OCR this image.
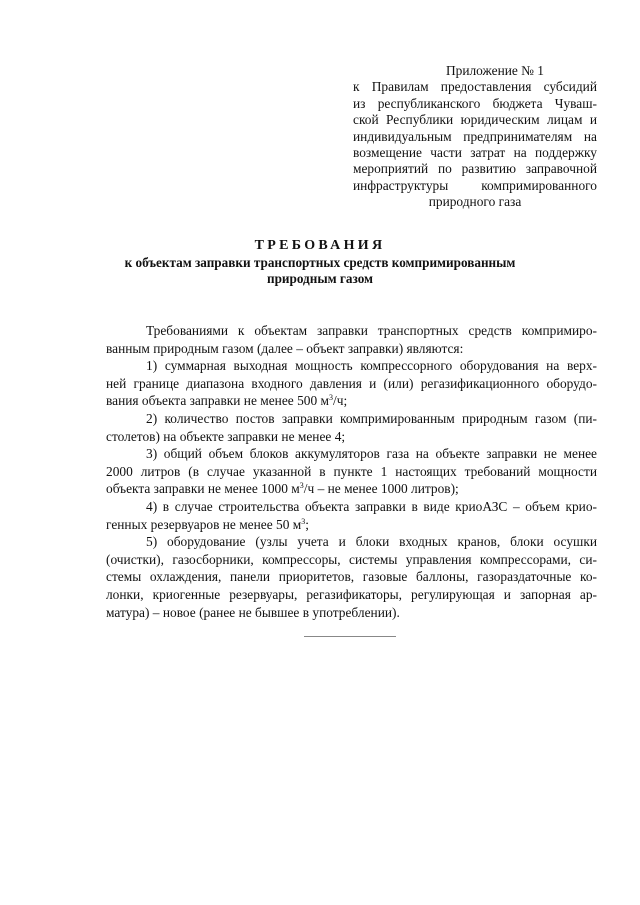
Приложение № 1
к Правилам предоставления субсидий
из республиканского бюджета Чуваш-
ской Республики юридическим лицам и
индивидуальным предпринимателям на
возмещение части затрат на поддержку
мероприятий по развитию заправочной
инфраструктуры компримированного
природного газа
ТРЕБОВАНИЯ
к объектам заправки транспортных средств компримированным
природным газом
Требованиями к объектам заправки транспортных средств компримиро-
ванным природным газом (далее – объект заправки) являются:
1) суммарная выходная мощность компрессорного оборудования на верх-
ней границе диапазона входного давления и (или) регазификационного оборудо-
вания объекта заправки не менее 500 $м^3/ч$;
2) количество постов заправки компримированным природным газом (пи-
столетов) на объекте заправки не менее 4;
3) общий объем блоков аккумуляторов газа на объекте заправки не менее
2000 литров (в случае указанной в пункте 1 настоящих требований мощности
объекта заправки не менее 1000 $м^3/ч$ – не менее 1000 литров);
4) в случае строительства объекта заправки в виде криоАЗС – объем крио-
генных резервуаров не менее 50 $м^3$;
5) оборудование (узлы учета и блоки входных кранов, блоки осушки
(очистки), газосборники, компрессоры, системы управления компрессорами, си-
стемы охлаждения, панели приоритетов, газовые баллоны, газораздаточные ко-
лонки, криогенные резервуары, регазификаторы, регулирующая и запорная ар-
матура) – новое (ранее не бывшее в употреблении).
